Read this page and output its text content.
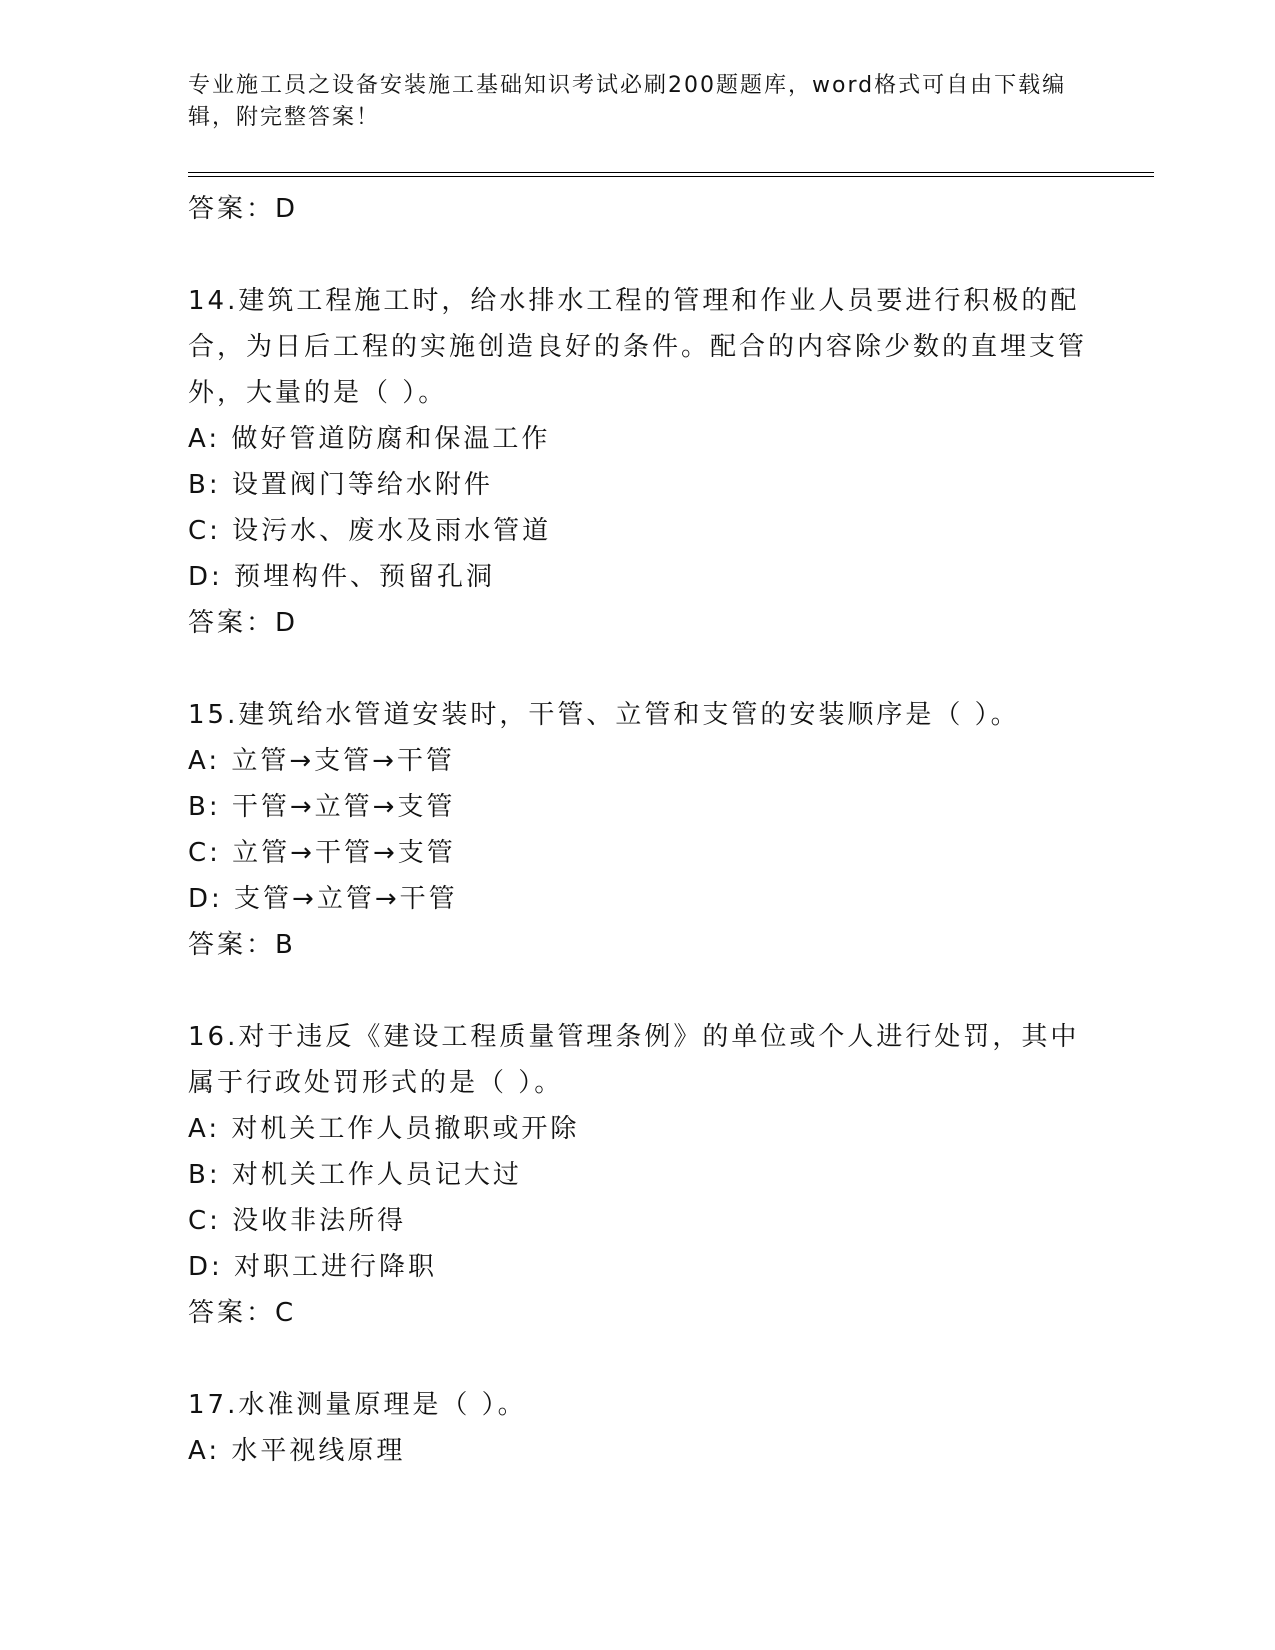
专业施工员之设备安装施工基础知识考试必刷200题题库，word格式可自由下载编辑，附完整答案！
答案：D
14.建筑工程施工时，给水排水工程的管理和作业人员要进行积极的配合，为日后工程的实施创造良好的条件。配合的内容除少数的直埋支管外，大量的是（ ）。
A: 做好管道防腐和保温工作
B: 设置阀门等给水附件
C: 设污水、废水及雨水管道
D: 预埋构件、预留孔洞
答案：D
15.建筑给水管道安装时，干管、立管和支管的安装顺序是（ ）。
A: 立管→支管→干管
B: 干管→立管→支管
C: 立管→干管→支管
D: 支管→立管→干管
答案：B
16.对于违反《建设工程质量管理条例》的单位或个人进行处罚，其中属于行政处罚形式的是（ ）。
A: 对机关工作人员撤职或开除
B: 对机关工作人员记大过
C: 没收非法所得
D: 对职工进行降职
答案：C
17.水准测量原理是（ ）。
A: 水平视线原理
